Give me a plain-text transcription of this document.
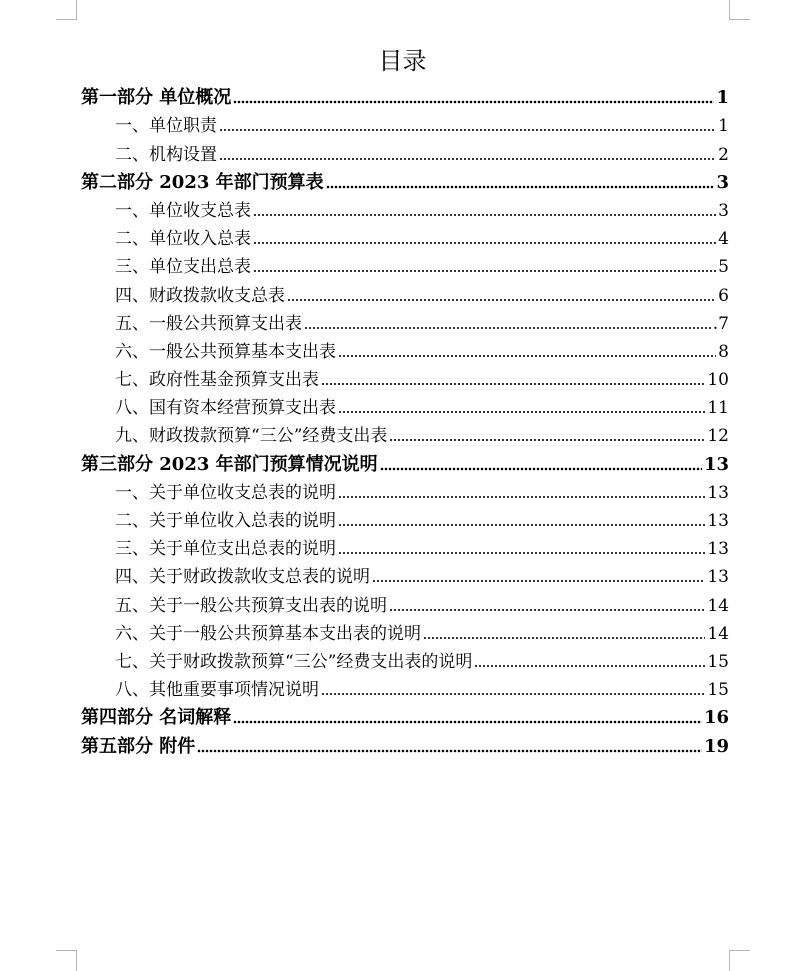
目录
第一部分 单位概况	1
一、单位职责	1
二、机构设置	2
第二部分 2023 年部门预算表	3
一、单位收支总表	3
二、单位收入总表	4
三、单位支出总表	5
四、财政拨款收支总表	6
五、一般公共预算支出表	.7
六、一般公共预算基本支出表	8
七、政府性基金预算支出表	10
八、国有资本经营预算支出表	11
九、财政拨款预算“三公”经费支出表	12
第三部分 2023 年部门预算情况说明	13
一、关于单位收支总表的说明	13
二、关于单位收入总表的说明	13
三、关于单位支出总表的说明	13
四、关于财政拨款收支总表的说明	13
五、关于一般公共预算支出表的说明	14
六、关于一般公共预算基本支出表的说明	14
七、关于财政拨款预算“三公”经费支出表的说明	15
八、其他重要事项情况说明	15
第四部分 名词解释	16
第五部分 附件	19
